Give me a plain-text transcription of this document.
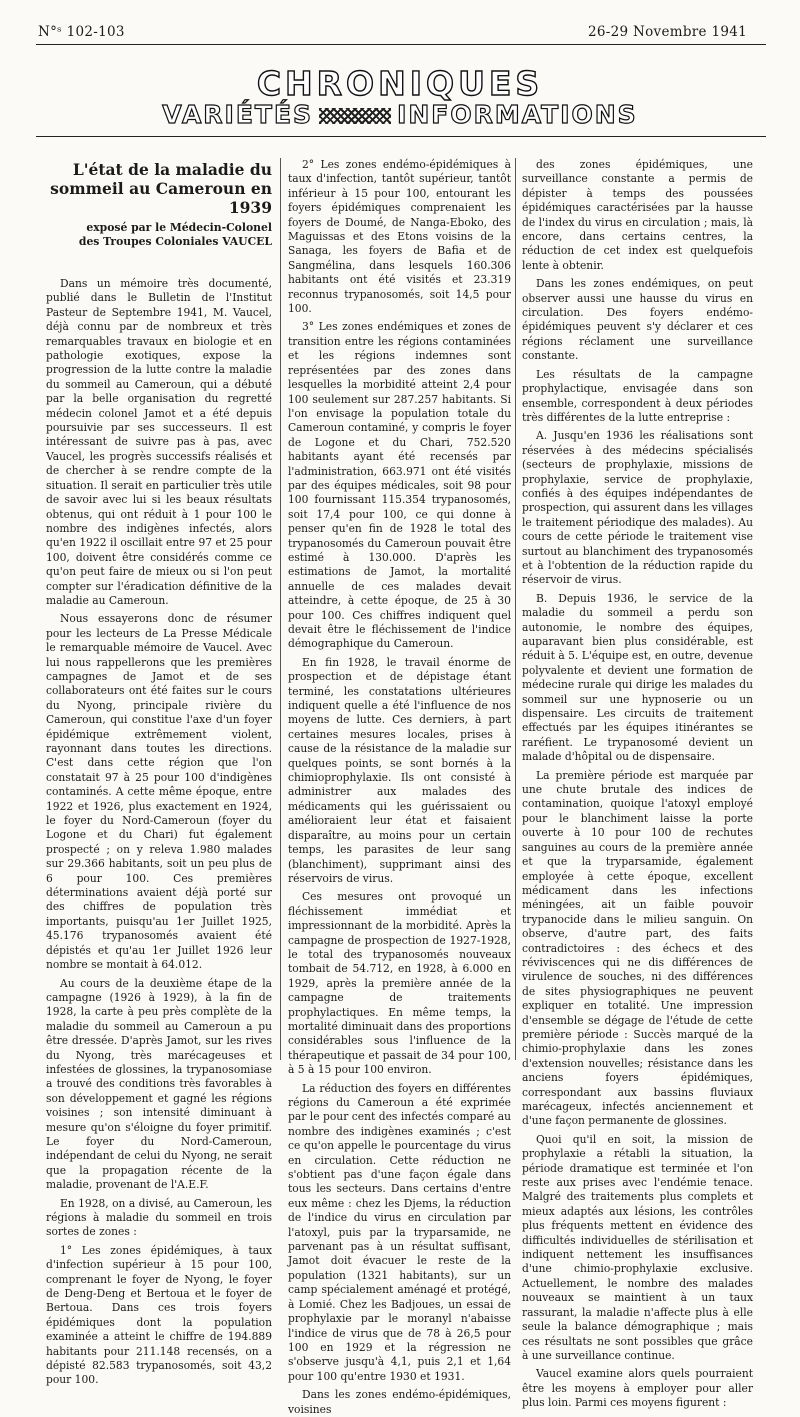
N°ˢ 102-103	26-29 Novembre 1941
CHRONIQUES
VARIÉTÉS	INFORMATIONS
L'état de la maladie du sommeil au Cameroun en 1939
exposé par le Médecin-Colonel
des Troupes Coloniales VAUCEL

Dans un mémoire très documenté, publié dans le Bulletin de l'Institut Pasteur de Septembre 1941, M. Vaucel, déjà connu par de nombreux et très remarquables travaux en biologie et en pathologie exotiques, expose la progression de la lutte contre la maladie du sommeil au Cameroun, qui a débuté par la belle organisation du regretté médecin colonel Jamot et a été depuis poursuivie par ses successeurs. Il est intéressant de suivre pas à pas, avec Vaucel, les progrès successifs réalisés et de chercher à se rendre compte de la situation. Il serait en particulier très utile de savoir avec lui si les beaux résultats obtenus, qui ont réduit à 1 pour 100 le nombre des indigènes infectés, alors qu'en 1922 il oscillait entre 97 et 25 pour 100, doivent être considérés comme ce qu'on peut faire de mieux ou si l'on peut compter sur l'éradication définitive de la maladie au Cameroun.

Nous essayerons donc de résumer pour les lecteurs de La Presse Médicale le remarquable mémoire de Vaucel. Avec lui nous rappellerons que les premières campagnes de Jamot et de ses collaborateurs ont été faites sur le cours du Nyong, principale rivière du Cameroun, qui constitue l'axe d'un foyer épidémique extrêmement violent, rayonnant dans toutes les directions. C'est dans cette région que l'on constatait 97 à 25 pour 100 d'indigènes contaminés. A cette même époque, entre 1922 et 1926, plus exactement en 1924, le foyer du Nord-Cameroun (foyer du Logone et du Chari) fut également prospecté ; on y releva 1.980 malades sur 29.366 habitants, soit un peu plus de 6 pour 100. Ces premières déterminations avaient déjà porté sur des chiffres de population très importants, puisqu'au 1er Juillet 1925, 45.176 trypanosomés avaient été dépistés et qu'au 1er Juillet 1926 leur nombre se montait à 64.012.

Au cours de la deuxième étape de la campagne (1926 à 1929), à la fin de 1928, la carte à peu près complète de la maladie du sommeil au Cameroun a pu être dressée. D'après Jamot, sur les rives du Nyong, très marécageuses et infestées de glossines, la trypanosomiase a trouvé des conditions très favorables à son développement et gagné les régions voisines ; son intensité diminuant à mesure qu'on s'éloigne du foyer primitif. Le foyer du Nord-Cameroun, indépendant de celui du Nyong, ne serait que la propagation récente de la maladie, provenant de l'A.E.F.

En 1928, on a divisé, au Cameroun, les régions à maladie du sommeil en trois sortes de zones :

1° Les zones épidémiques, à taux d'infection supérieur à 15 pour 100, comprenant le foyer de Nyong, le foyer de Deng-Deng et Bertoua et le foyer de Bertoua. Dans ces trois foyers épidémiques dont la population examinée a atteint le chiffre de 194.889 habitants pour 211.148 recensés, on a dépisté 82.583 trypanosomés, soit 43,2 pour 100.

2° Les zones endémo-épidémiques à taux d'infection, tantôt supérieur, tantôt inférieur à 15 pour 100, entourant les foyers épidémiques comprenaient les foyers de Doumé, de Nanga-Eboko, des Maguissas et des Etons voisins de la Sanaga, les foyers de Bafia et de Sangmélina, dans lesquels 160.306 habitants ont été visités et 23.319 reconnus trypanosomés, soit 14,5 pour 100.

3° Les zones endémiques et zones de transition entre les régions contaminées et les régions indemnes sont représentées par des zones dans lesquelles la morbidité atteint 2,4 pour 100 seulement sur 287.257 habitants. Si l'on envisage la population totale du Cameroun contaminé, y compris le foyer de Logone et du Chari, 752.520 habitants ayant été recensés par l'administration, 663.971 ont été visités par des équipes médicales, soit 98 pour 100 fournissant 115.354 trypanosomés, soit 17,4 pour 100, ce qui donne à penser qu'en fin de 1928 le total des trypanosomés du Cameroun pouvait être estimé à 130.000. D'après les estimations de Jamot, la mortalité annuelle de ces malades devait atteindre, à cette époque, de 25 à 30 pour 100. Ces chiffres indiquent quel devait être le fléchissement de l'indice démographique du Cameroun.

En fin 1928, le travail énorme de prospection et de dépistage étant terminé, les constatations ultérieures indiquent quelle a été l'influence de nos moyens de lutte. Ces derniers, à part certaines mesures locales, prises à cause de la résistance de la maladie sur quelques points, se sont bornés à la chimioprophylaxie. Ils ont consisté à administrer aux malades des médicaments qui les guérissaient ou amélioraient leur état et faisaient disparaître, au moins pour un certain temps, les parasites de leur sang (blanchiment), supprimant ainsi des réservoirs de virus.

Ces mesures ont provoqué un fléchissement immédiat et impressionnant de la morbidité. Après la campagne de prospection de 1927-1928, le total des trypanosomés nouveaux tombait de 54.712, en 1928, à 6.000 en 1929, après la première année de la campagne de traitements prophylactiques. En même temps, la mortalité diminuait dans des proportions considérables sous l'influence de la thérapeutique et passait de 34 pour 100, à 5 à 15 pour 100 environ.

La réduction des foyers en différentes régions du Cameroun a été exprimée par le pour cent des infectés comparé au nombre des indigènes examinés ; c'est ce qu'on appelle le pourcentage du virus en circulation. Cette réduction ne s'obtient pas d'une façon égale dans tous les secteurs. Dans certains d'entre eux même : chez les Djems, la réduction de l'indice du virus en circulation par l'atoxyl, puis par la tryparsamide, ne parvenant pas à un résultat suffisant, Jamot doit évacuer le reste de la population (1321 habitants), sur un camp spécialement aménagé et protégé, à Lomié. Chez les Badjoues, un essai de prophylaxie par le moranyl n'abaisse l'indice de virus que de 78 à 26,5 pour 100 en 1929 et la régression ne s'observe jusqu'à 4,1, puis 2,1 et 1,64 pour 100 qu'entre 1930 et 1931.

Dans les zones endémo-épidémiques, voisines

des zones épidémiques, une surveillance constante a permis de dépister à temps des poussées épidémiques caractérisées par la hausse de l'index du virus en circulation ; mais, là encore, dans certains centres, la réduction de cet index est quelquefois lente à obtenir.

Dans les zones endémiques, on peut observer aussi une hausse du virus en circulation. Des foyers endémo-épidémiques peuvent s'y déclarer et ces régions réclament une surveillance constante.

Les résultats de la campagne prophylactique, envisagée dans son ensemble, correspondent à deux périodes très différentes de la lutte entreprise :

A. Jusqu'en 1936 les réalisations sont réservées à des médecins spécialisés (secteurs de prophylaxie, missions de prophylaxie, service de prophylaxie, confiés à des équipes indépendantes de prospection, qui assurent dans les villages le traitement périodique des malades). Au cours de cette période le traitement vise surtout au blanchiment des trypanosomés et à l'obtention de la réduction rapide du réservoir de virus.

B. Depuis 1936, le service de la maladie du sommeil a perdu son autonomie, le nombre des équipes, auparavant bien plus considérable, est réduit à 5. L'équipe est, en outre, devenue polyvalente et devient une formation de médecine rurale qui dirige les malades du sommeil sur une hypnoserie ou un dispensaire. Les circuits de traitement effectués par les équipes itinérantes se raréfient. Le trypanosomé devient un malade d'hôpital ou de dispensaire.

La première période est marquée par une chute brutale des indices de contamination, quoique l'atoxyl employé pour le blanchiment laisse la porte ouverte à 10 pour 100 de rechutes sanguines au cours de la première année et que la tryparsamide, également employée à cette époque, excellent médicament dans les infections méningées, ait un faible pouvoir trypanocide dans le milieu sanguin. On observe, d'autre part, des faits contradictoires : des échecs et des réviviscences qui ne dis différences de virulence de souches, ni des différences de sites physiographiques ne peuvent expliquer en totalité. Une impression d'ensemble se dégage de l'étude de cette première période : Succès marqué de la chimio-prophylaxie dans les zones d'extension nouvelles; résistance dans les anciens foyers épidémiques, correspondant aux bassins fluviaux marécageux, infectés anciennement et d'une façon permanente de glossines.

Quoi qu'il en soit, la mission de prophylaxie a rétabli la situation, la période dramatique est terminée et l'on reste aux prises avec l'endémie tenace. Malgré des traitements plus complets et mieux adaptés aux lésions, les contrôles plus fréquents mettent en évidence des difficultés individuelles de stérilisation et indiquent nettement les insuffisances d'une chimio-prophylaxie exclusive. Actuellement, le nombre des malades nouveaux se maintient à un taux rassurant, la maladie n'affecte plus à elle seule la balance démographique ; mais ces résultats ne sont possibles que grâce à une surveillance continue.

Vaucel examine alors quels pourraient être les moyens à employer pour aller plus loin. Parmi ces moyens figurent :
